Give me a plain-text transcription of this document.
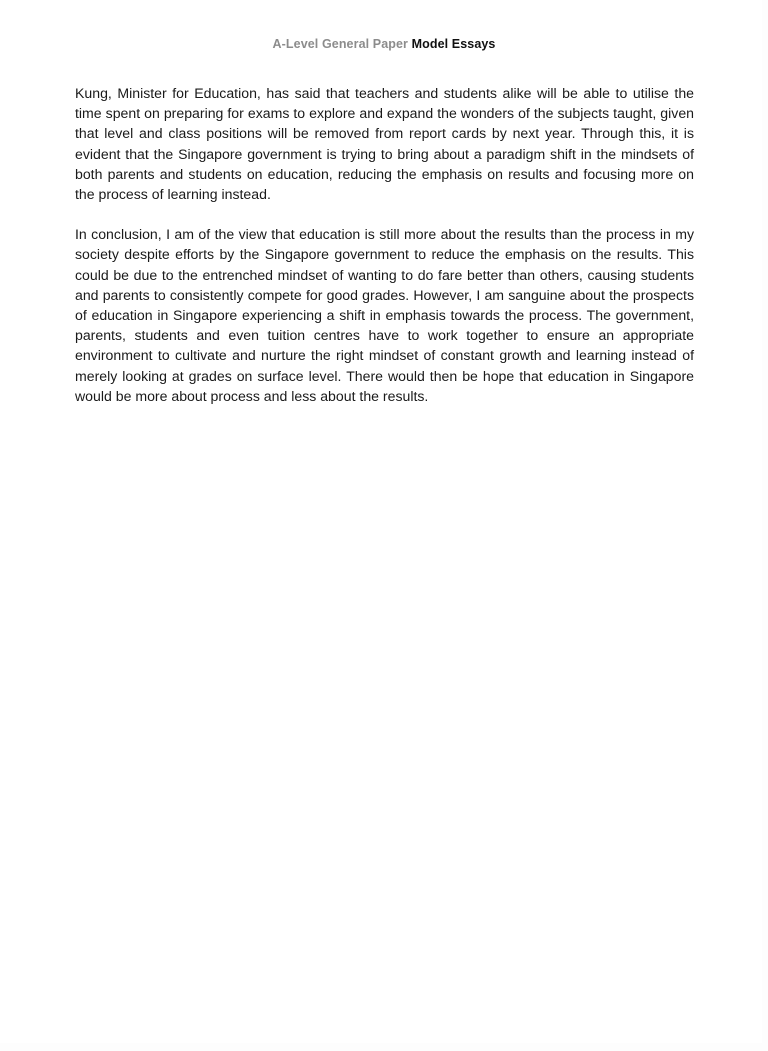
A-Level General Paper Model Essays

Kung, Minister for Education, has said that teachers and students alike will be able to utilise the time spent on preparing for exams to explore and expand the wonders of the subjects taught, given that level and class positions will be removed from report cards by next year. Through this, it is evident that the Singapore government is trying to bring about a paradigm shift in the mindsets of both parents and students on education, reducing the emphasis on results and focusing more on the process of learning instead.

In conclusion, I am of the view that education is still more about the results than the process in my society despite efforts by the Singapore government to reduce the emphasis on the results. This could be due to the entrenched mindset of wanting to do fare better than others, causing students and parents to consistently compete for good grades. However, I am sanguine about the prospects of education in Singapore experiencing a shift in emphasis towards the process. The government, parents, students and even tuition centres have to work together to ensure an appropriate environment to cultivate and nurture the right mindset of constant growth and learning instead of merely looking at grades on surface level. There would then be hope that education in Singapore would be more about process and less about the results.
